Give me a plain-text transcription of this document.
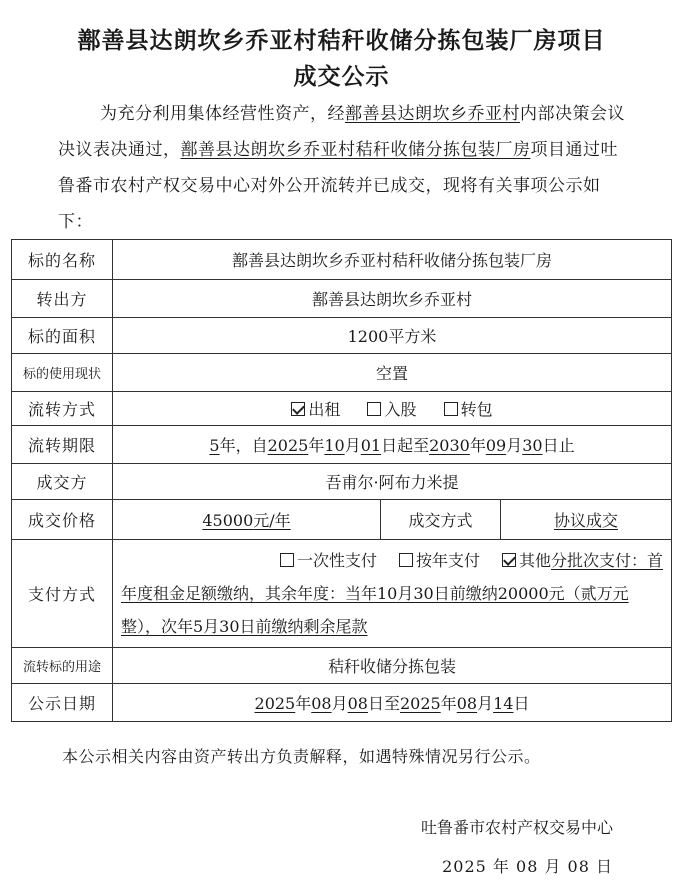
鄯善县达朗坎乡乔亚村秸秆收储分拣包装厂房项目
成交公示
为充分利用集体经营性资产，经鄯善县达朗坎乡乔亚村内部决策会议决议表决通过，鄯善县达朗坎乡乔亚村秸秆收储分拣包装厂房项目通过吐鲁番市农村产权交易中心对外公开流转并已成交，现将有关事项公示如下：
标的名称	鄯善县达朗坎乡乔亚村秸秆收储分拣包装厂房		
转出方	鄯善县达朗坎乡乔亚村		
标的面积	1200平方米		
标的使用现状	空置		
流转方式	出租 入股 转包		
流转期限	5年，自2025年10月01日起至2030年09月30日止		
成交方	吾甫尔·阿布力米提		
成交价格	45000元/年	成交方式	协议成交
支付方式	一次性支付 按年支付 其他分批次支付：首
年度租金足额缴纳，其余年度：当年10月30日前缴纳20000元（贰万元整），次年5月30日前缴纳剩余尾款		

流转标的用途	秸秆收储分拣包装		
公示日期	2025年08月08日至2025年08月14日		
本公示相关内容由资产转出方负责解释，如遇特殊情况另行公示。
吐鲁番市农村产权交易中心
2025 年 08 月 08 日
